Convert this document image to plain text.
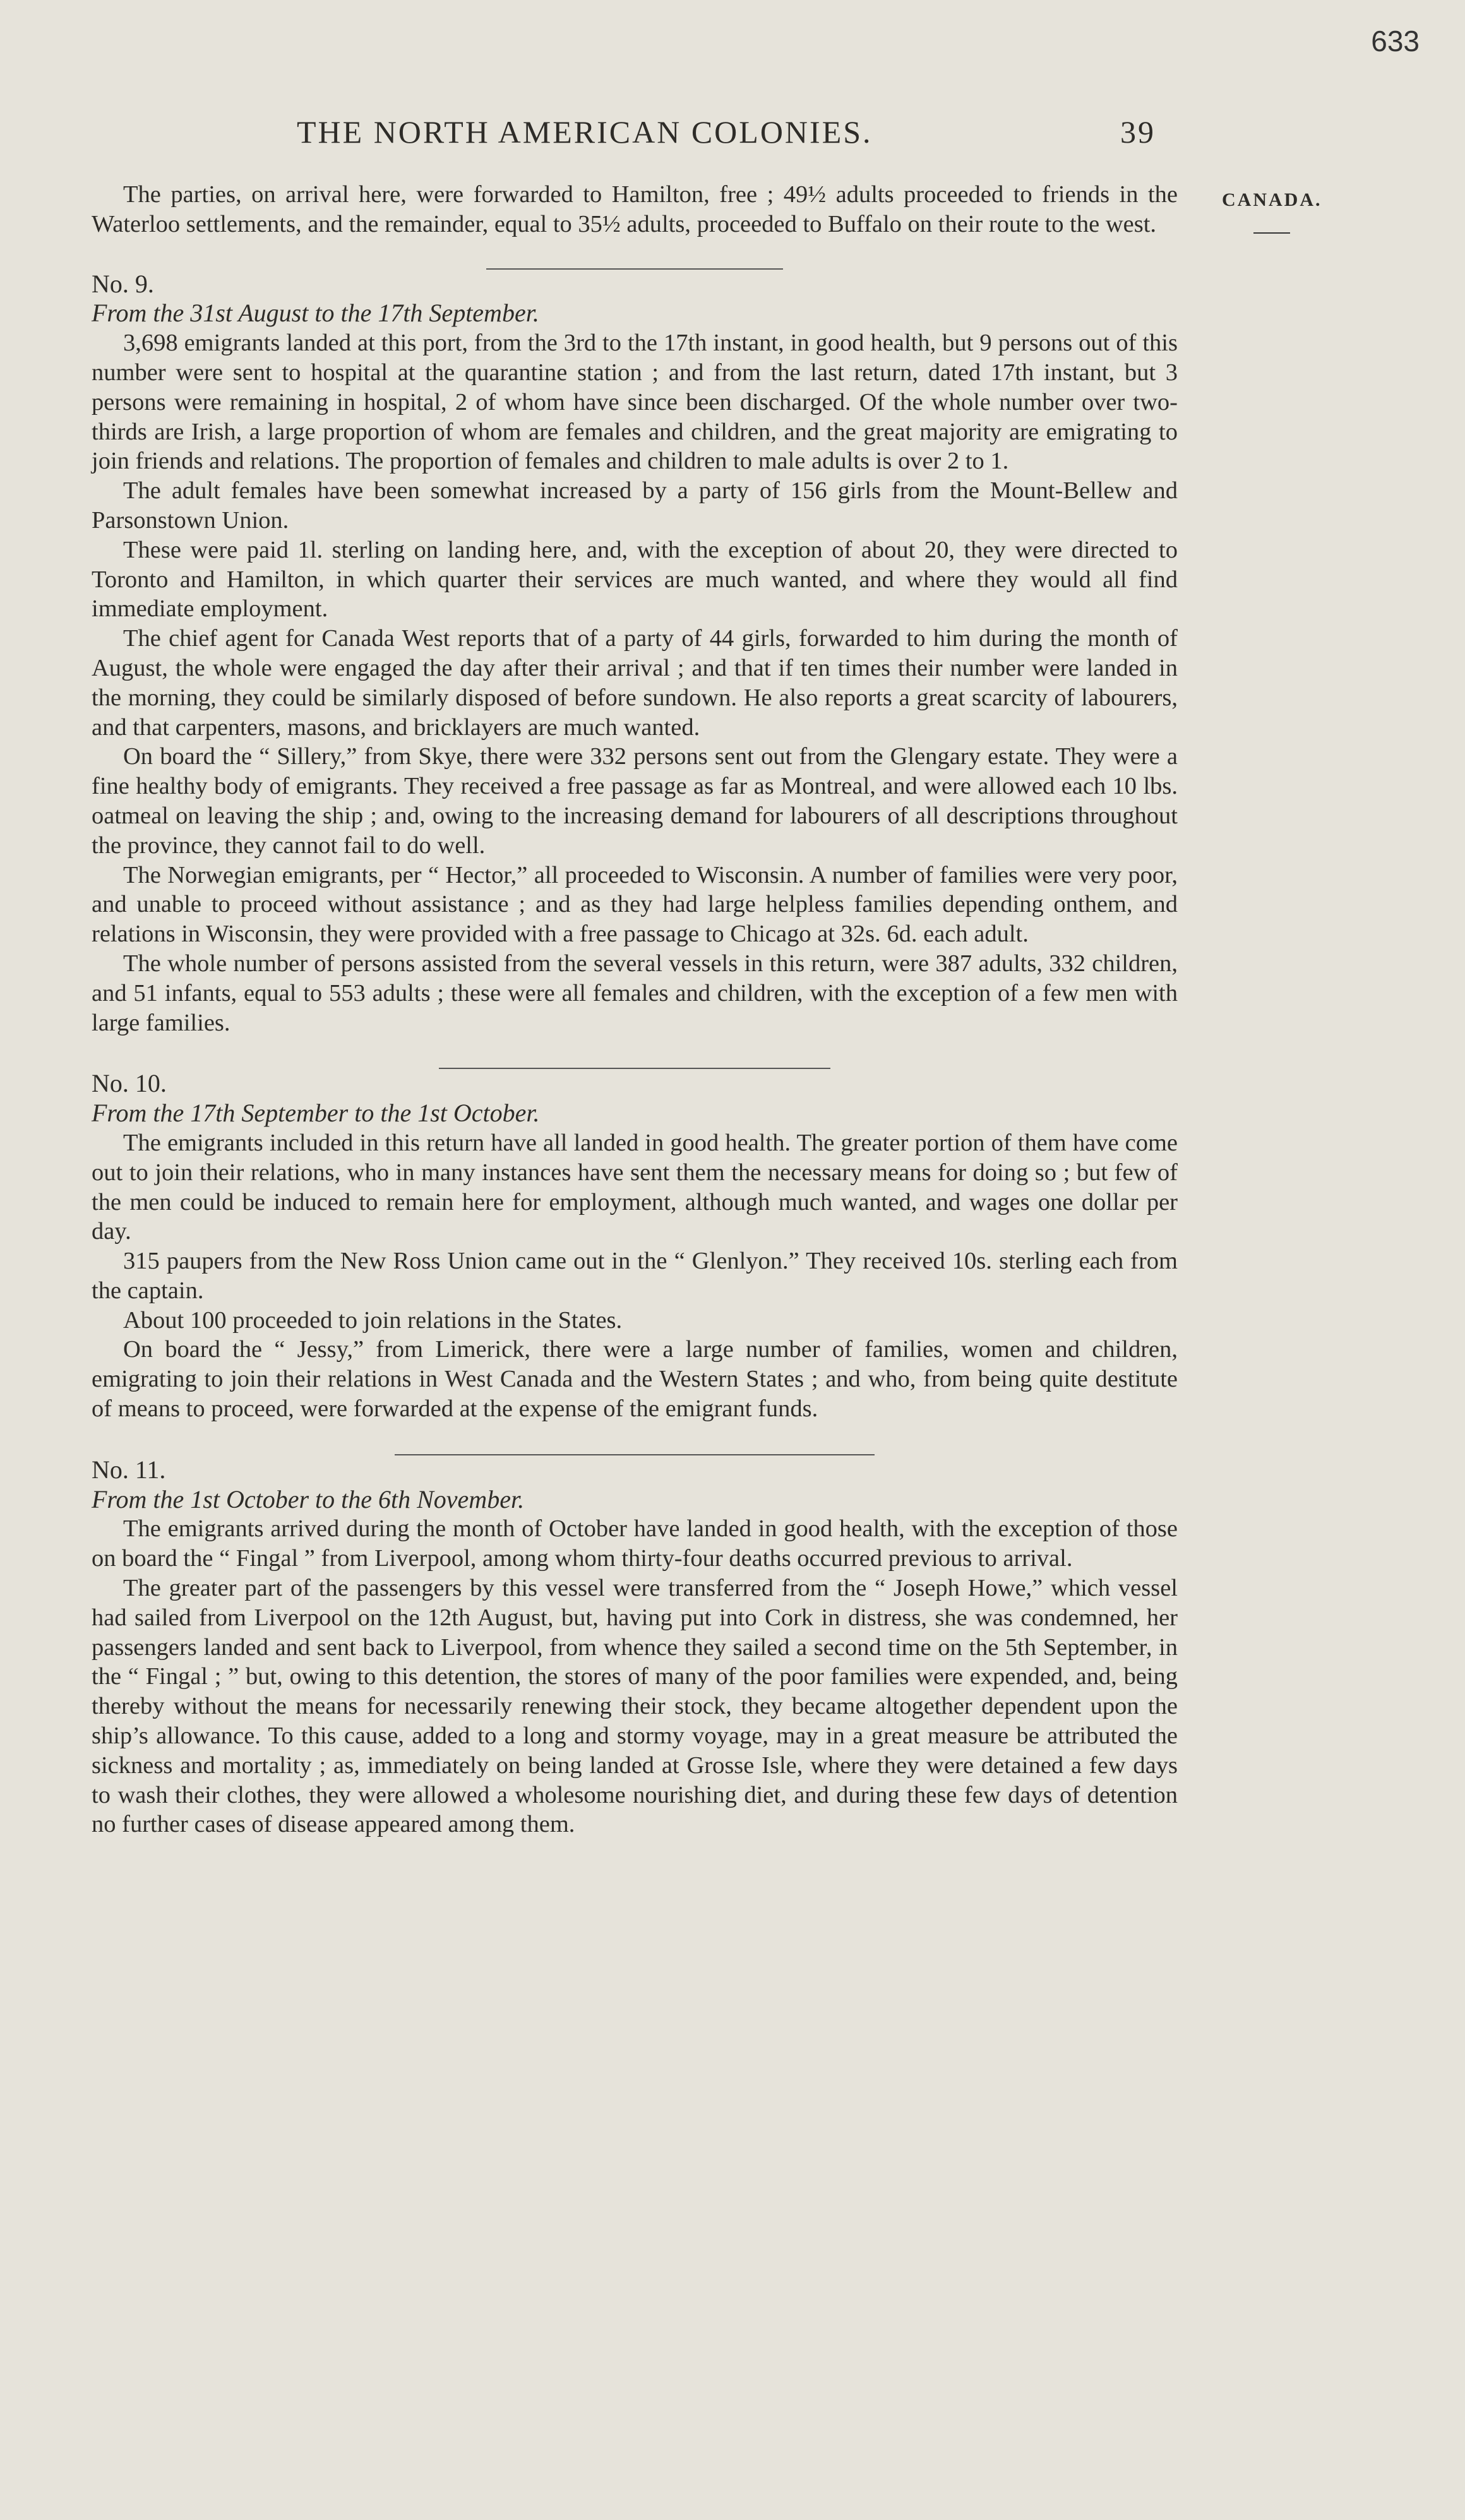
633
THE NORTH AMERICAN COLONIES.	39
CANADA.

The parties, on arrival here, were forwarded to Hamilton, free ; 49½ adults proceeded to friends in the Waterloo settlements, and the remainder, equal to 35½ adults, proceeded to Buffalo on their route to the west.

No. 9.

From the 31st August to the 17th September.

3,698 emigrants landed at this port, from the 3rd to the 17th instant, in good health, but 9 persons out of this number were sent to hospital at the quarantine station ; and from the last return, dated 17th instant, but 3 persons were remaining in hospital, 2 of whom have since been discharged. Of the whole number over two-thirds are Irish, a large proportion of whom are females and children, and the great majority are emigrating to join friends and relations. The proportion of females and children to male adults is over 2 to 1.

The adult females have been somewhat increased by a party of 156 girls from the Mount-Bellew and Parsonstown Union.

These were paid 1l. sterling on landing here, and, with the exception of about 20, they were directed to Toronto and Hamilton, in which quarter their services are much wanted, and where they would all find immediate employment.

The chief agent for Canada West reports that of a party of 44 girls, forwarded to him during the month of August, the whole were engaged the day after their arrival ; and that if ten times their number were landed in the morning, they could be similarly disposed of before sundown. He also reports a great scarcity of labourers, and that carpenters, masons, and bricklayers are much wanted.

On board the “ Sillery,” from Skye, there were 332 persons sent out from the Glengary estate. They were a fine healthy body of emigrants. They received a free passage as far as Montreal, and were allowed each 10 lbs. oatmeal on leaving the ship ; and, owing to the increasing demand for labourers of all descriptions throughout the province, they cannot fail to do well.

The Norwegian emigrants, per “ Hector,” all proceeded to Wisconsin. A number of families were very poor, and unable to proceed without assistance ; and as they had large helpless families depending onthem, and relations in Wisconsin, they were provided with a free passage to Chicago at 32s. 6d. each adult.

The whole number of persons assisted from the several vessels in this return, were 387 adults, 332 children, and 51 infants, equal to 553 adults ; these were all females and children, with the exception of a few men with large families.

No. 10.

From the 17th September to the 1st October.

The emigrants included in this return have all landed in good health. The greater portion of them have come out to join their relations, who in many instances have sent them the necessary means for doing so ; but few of the men could be induced to remain here for employment, although much wanted, and wages one dollar per day.

315 paupers from the New Ross Union came out in the “ Glenlyon.” They received 10s. sterling each from the captain.

About 100 proceeded to join relations in the States.

On board the “ Jessy,” from Limerick, there were a large number of families, women and children, emigrating to join their relations in West Canada and the Western States ; and who, from being quite destitute of means to proceed, were forwarded at the expense of the emigrant funds.

No. 11.

From the 1st October to the 6th November.

The emigrants arrived during the month of October have landed in good health, with the exception of those on board the “ Fingal ” from Liverpool, among whom thirty-four deaths occurred previous to arrival.

The greater part of the passengers by this vessel were transferred from the “ Joseph Howe,” which vessel had sailed from Liverpool on the 12th August, but, having put into Cork in distress, she was condemned, her passengers landed and sent back to Liverpool, from whence they sailed a second time on the 5th September, in the “ Fingal ; ” but, owing to this detention, the stores of many of the poor families were expended, and, being thereby without the means for necessarily renewing their stock, they became altogether dependent upon the ship’s allowance. To this cause, added to a long and stormy voyage, may in a great measure be attributed the sickness and mortality ; as, immediately on being landed at Grosse Isle, where they were detained a few days to wash their clothes, they were allowed a wholesome nourishing diet, and during these few days of detention no further cases of disease appeared among them.
